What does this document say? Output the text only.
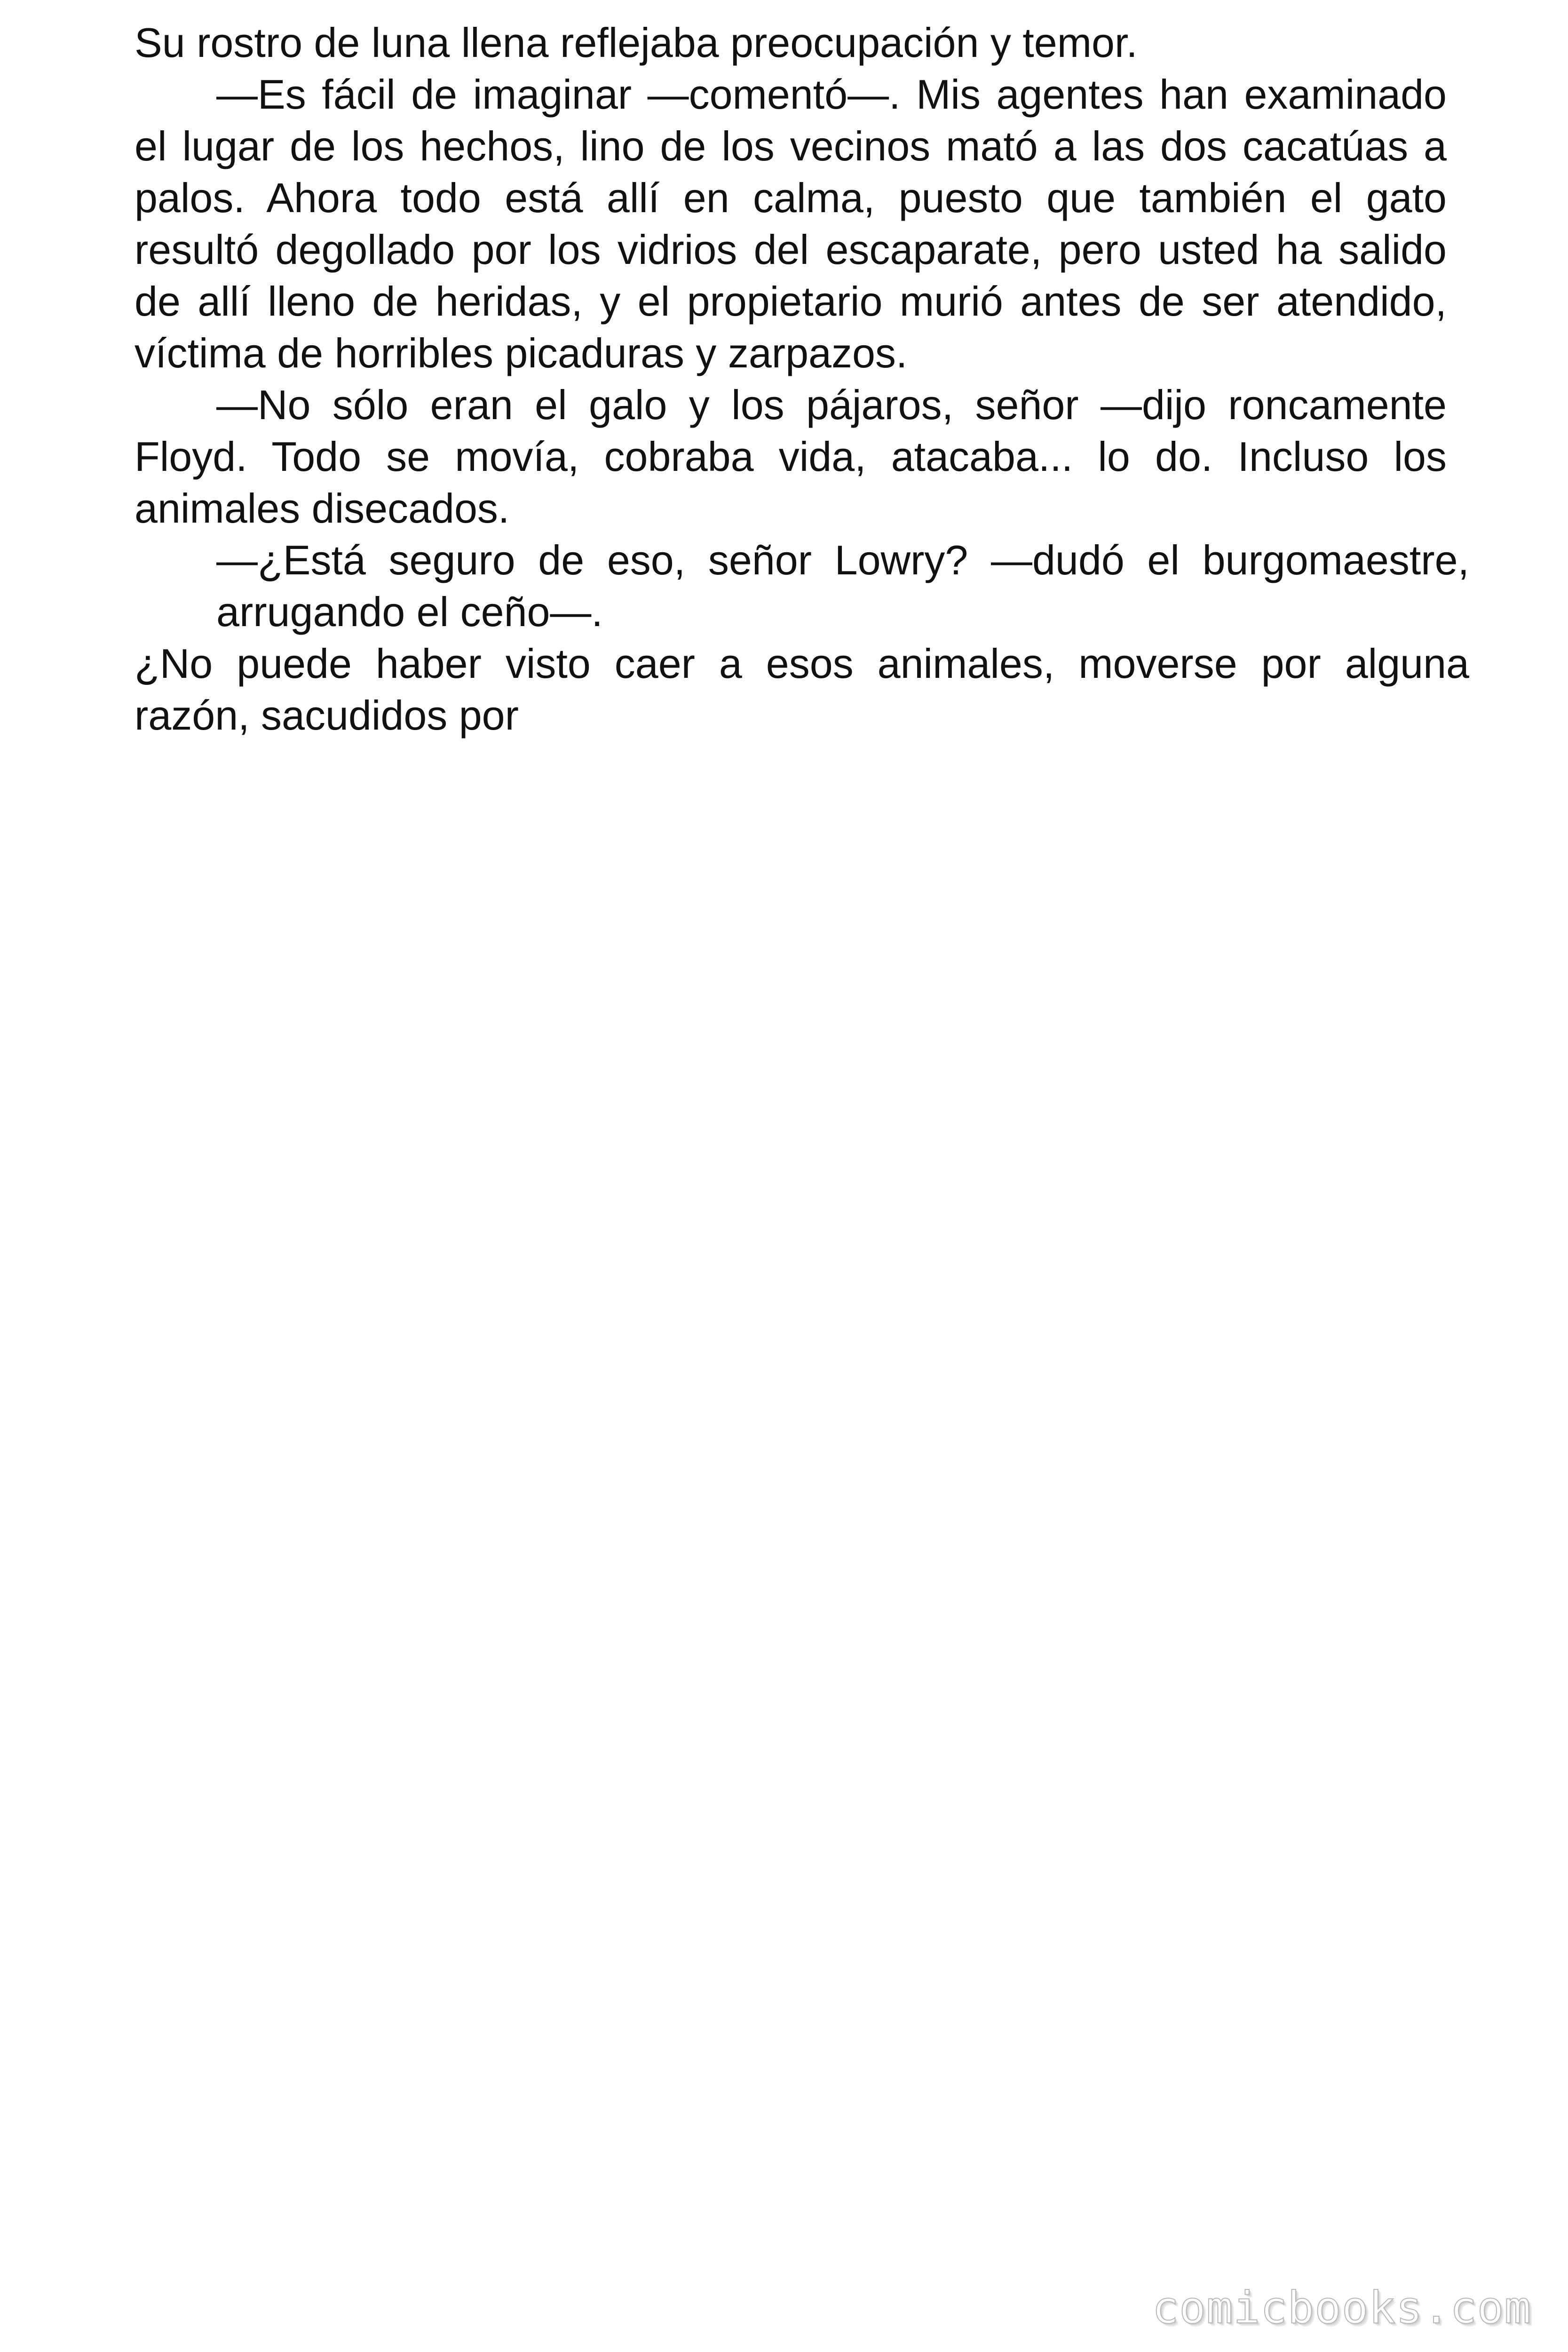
Su rostro de luna llena reflejaba preocupación y temor.

—Es fácil de imaginar —comentó—. Mis agentes han examinado el lugar de los hechos, lino de los vecinos mató a las dos cacatúas a palos. Ahora todo está allí en calma, puesto que también el gato resultó degollado por los vidrios del escaparate, pero usted ha salido de allí lleno de heridas, y el propietario murió antes de ser atendido, víctima de horribles picaduras y zarpazos.

—No sólo eran el galo y los pájaros, señor —dijo roncamente Floyd. Todo se movía, cobraba vida, atacaba... lo do. Incluso los animales disecados.

—¿Está seguro de eso, señor Lowry? —dudó el burgomaestre, arrugando el ceño—.

¿No puede haber visto caer a esos animales, moverse por alguna razón, sacudidos por

comicbooks.com
